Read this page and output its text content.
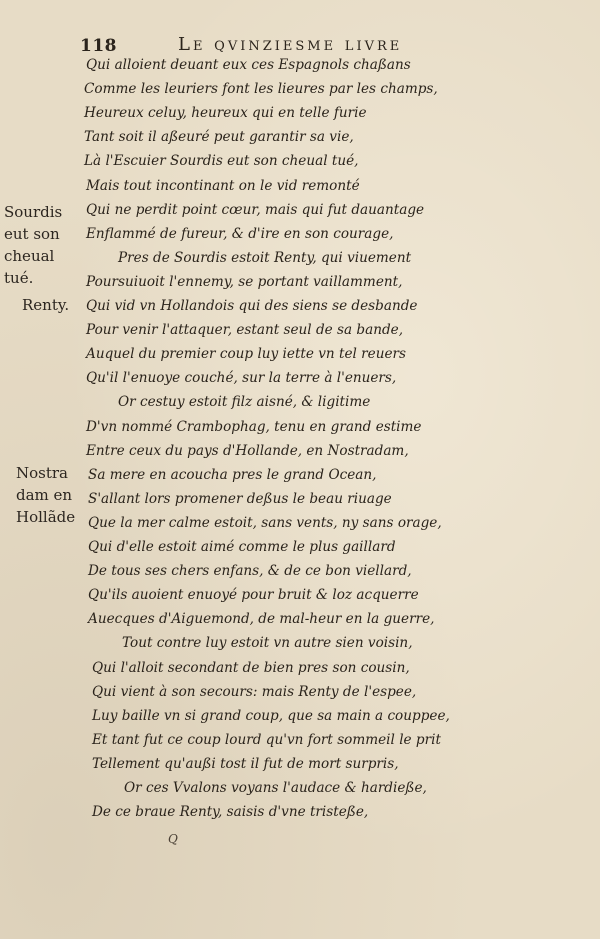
118	Le qvinziesme livre
Qui alloient deuant eux ces Espagnols chaßans
Comme les leuriers font les lieures par les champs,
Heureux celuy, heureux qui en telle furie
Tant soit il aßeuré peut garantir sa vie,
Là l'Escuier Sourdis eut son cheual tué,
Mais tout incontinant on le vid remonté
Qui ne perdit point cœur, mais qui fut dauantage
Enflammé de fureur, & d'ire en son courage,
Pres de Sourdis estoit Renty, qui viuement
Poursuiuoit l'ennemy, se portant vaillamment,
Qui vid vn Hollandois qui des siens se desbande
Pour venir l'attaquer, estant seul de sa bande,
Auquel du premier coup luy iette vn tel reuers
Qu'il l'enuoye couché, sur la terre à l'enuers,
Or cestuy estoit filz aisné, & ligitime
D'vn nommé Crambophag, tenu en grand estime
Entre ceux du pays d'Hollande, en Nostradam,
Sa mere en acoucha pres le grand Ocean,
S'allant lors promener deßus le beau riuage
Que la mer calme estoit, sans vents, ny sans orage,
Qui d'elle estoit aimé comme le plus gaillard
De tous ses chers enfans, & de ce bon viellard,
Qu'ils auoient enuoyé pour bruit & loz acquerre
Auecques d'Aiguemond, de mal-heur en la guerre,
Tout contre luy estoit vn autre sien voisin,
Qui l'alloit secondant de bien pres son cousin,
Qui vient à son secours: mais Renty de l'espee,
Luy baille vn si grand coup, que sa main a couppee,
Et tant fut ce coup lourd qu'vn fort sommeil le prit
Tellement qu'außi tost il fut de mort surpris,
Or ces Vvalons voyans l'audace & hardieße,
De ce braue Renty, saisis d'vne tristeße,
Sourdis
eut son
cheual
tué.
Renty.
Nostra
dam en
Hollãde
Q
